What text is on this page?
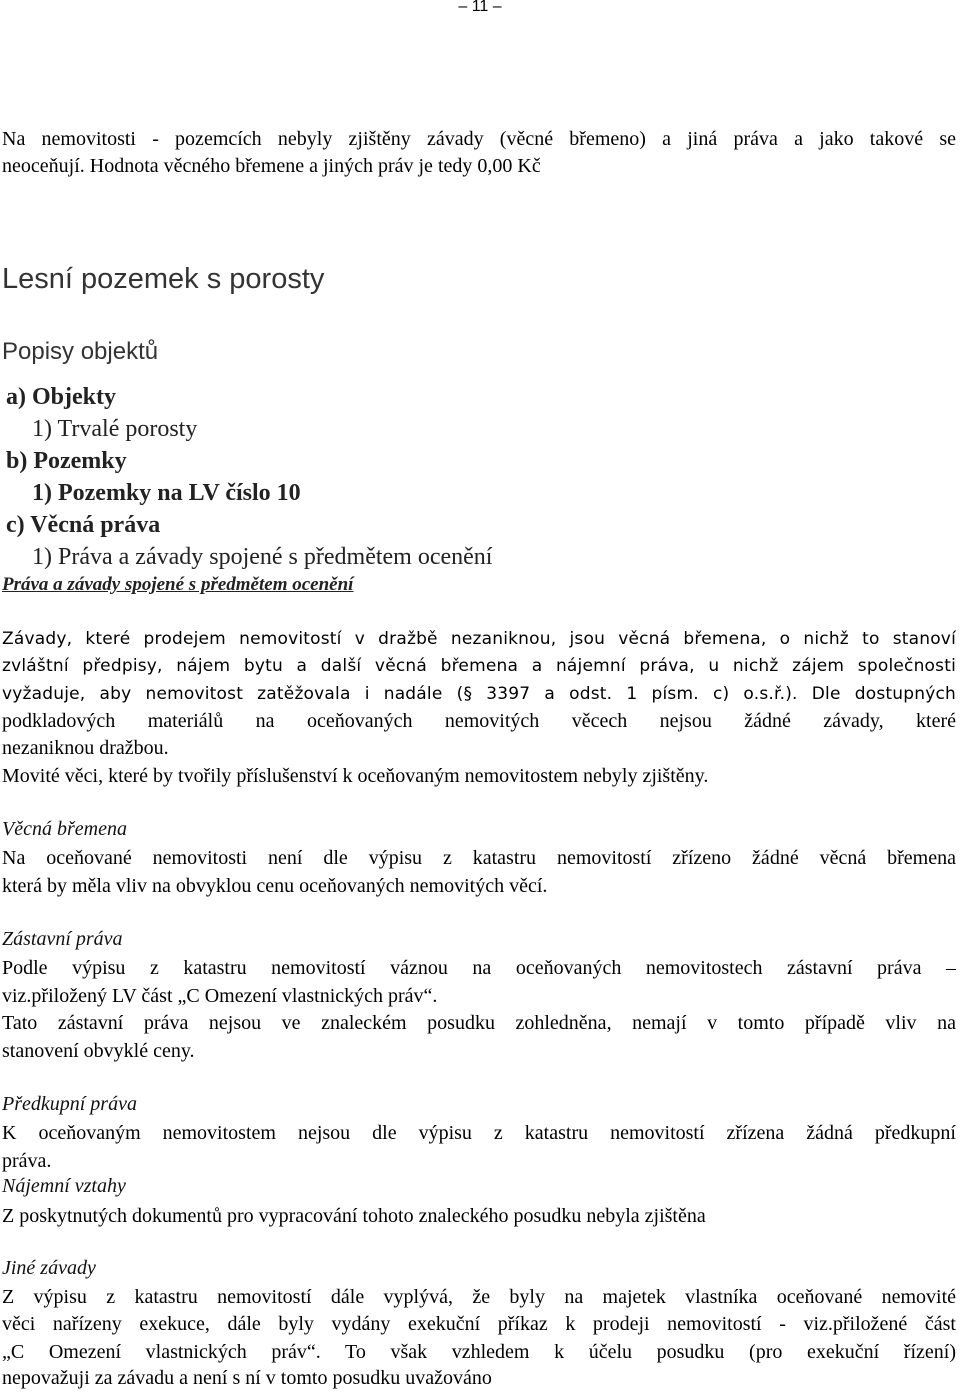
– 11 –
Na nemovitosti - pozemcích nebyly zjištěny závady (věcné břemeno) a jiná práva a jako takové se
neoceňují. Hodnota věcného břemene a jiných práv je tedy 0,00 Kč
Lesní pozemek s porosty
Popisy objektů
a) Objekty
1) Trvalé porosty
b) Pozemky
1) Pozemky na LV číslo 10
c) Věcná práva
1) Práva a závady spojené s předmětem ocenění
Práva a závady spojené s předmětem ocenění
Závady, které prodejem nemovitostí v dražbě nezaniknou, jsou věcná břemena, o nichž to stanoví
zvláštní předpisy, nájem bytu a další věcná břemena a nájemní práva, u nichž zájem společnosti
vyžaduje, aby nemovitost zatěžovala i nadále (§ 3397 a odst. 1 písm. c) o.s.ř.). Dle dostupných
podkladových materiálů na oceňovaných nemovitých věcech nejsou žádné závady, které
nezaniknou dražbou.
Movité věci, které by tvořily příslušenství k oceňovaným nemovitostem nebyly zjištěny.
Věcná břemena
Na oceňované nemovitosti není dle výpisu z katastru nemovitostí zřízeno žádné věcná břemena
která by měla vliv na obvyklou cenu oceňovaných nemovitých věcí.
Zástavní práva
Podle výpisu z katastru nemovitostí váznou na oceňovaných nemovitostech zástavní práva –
viz.přiložený LV část „C Omezení vlastnických práv“.
Tato zástavní práva nejsou ve znaleckém posudku zohledněna, nemají v tomto případě vliv na
stanovení obvyklé ceny.
Předkupní práva
K oceňovaným nemovitostem nejsou dle výpisu z katastru nemovitostí zřízena žádná předkupní
práva.
Nájemní vztahy
Z poskytnutých dokumentů pro vypracování tohoto znaleckého posudku nebyla zjištěna
Jiné závady
Z výpisu z katastru nemovitostí dále vyplývá, že byly na majetek vlastníka oceňované nemovité
věci nařízeny exekuce, dále byly vydány exekuční příkaz k prodeji nemovitostí - viz.přiložené část
„C Omezení vlastnických práv“. To však vzhledem k účelu posudku (pro exekuční řízení)
nepovažuji za závadu a není s ní v tomto posudku uvažováno
